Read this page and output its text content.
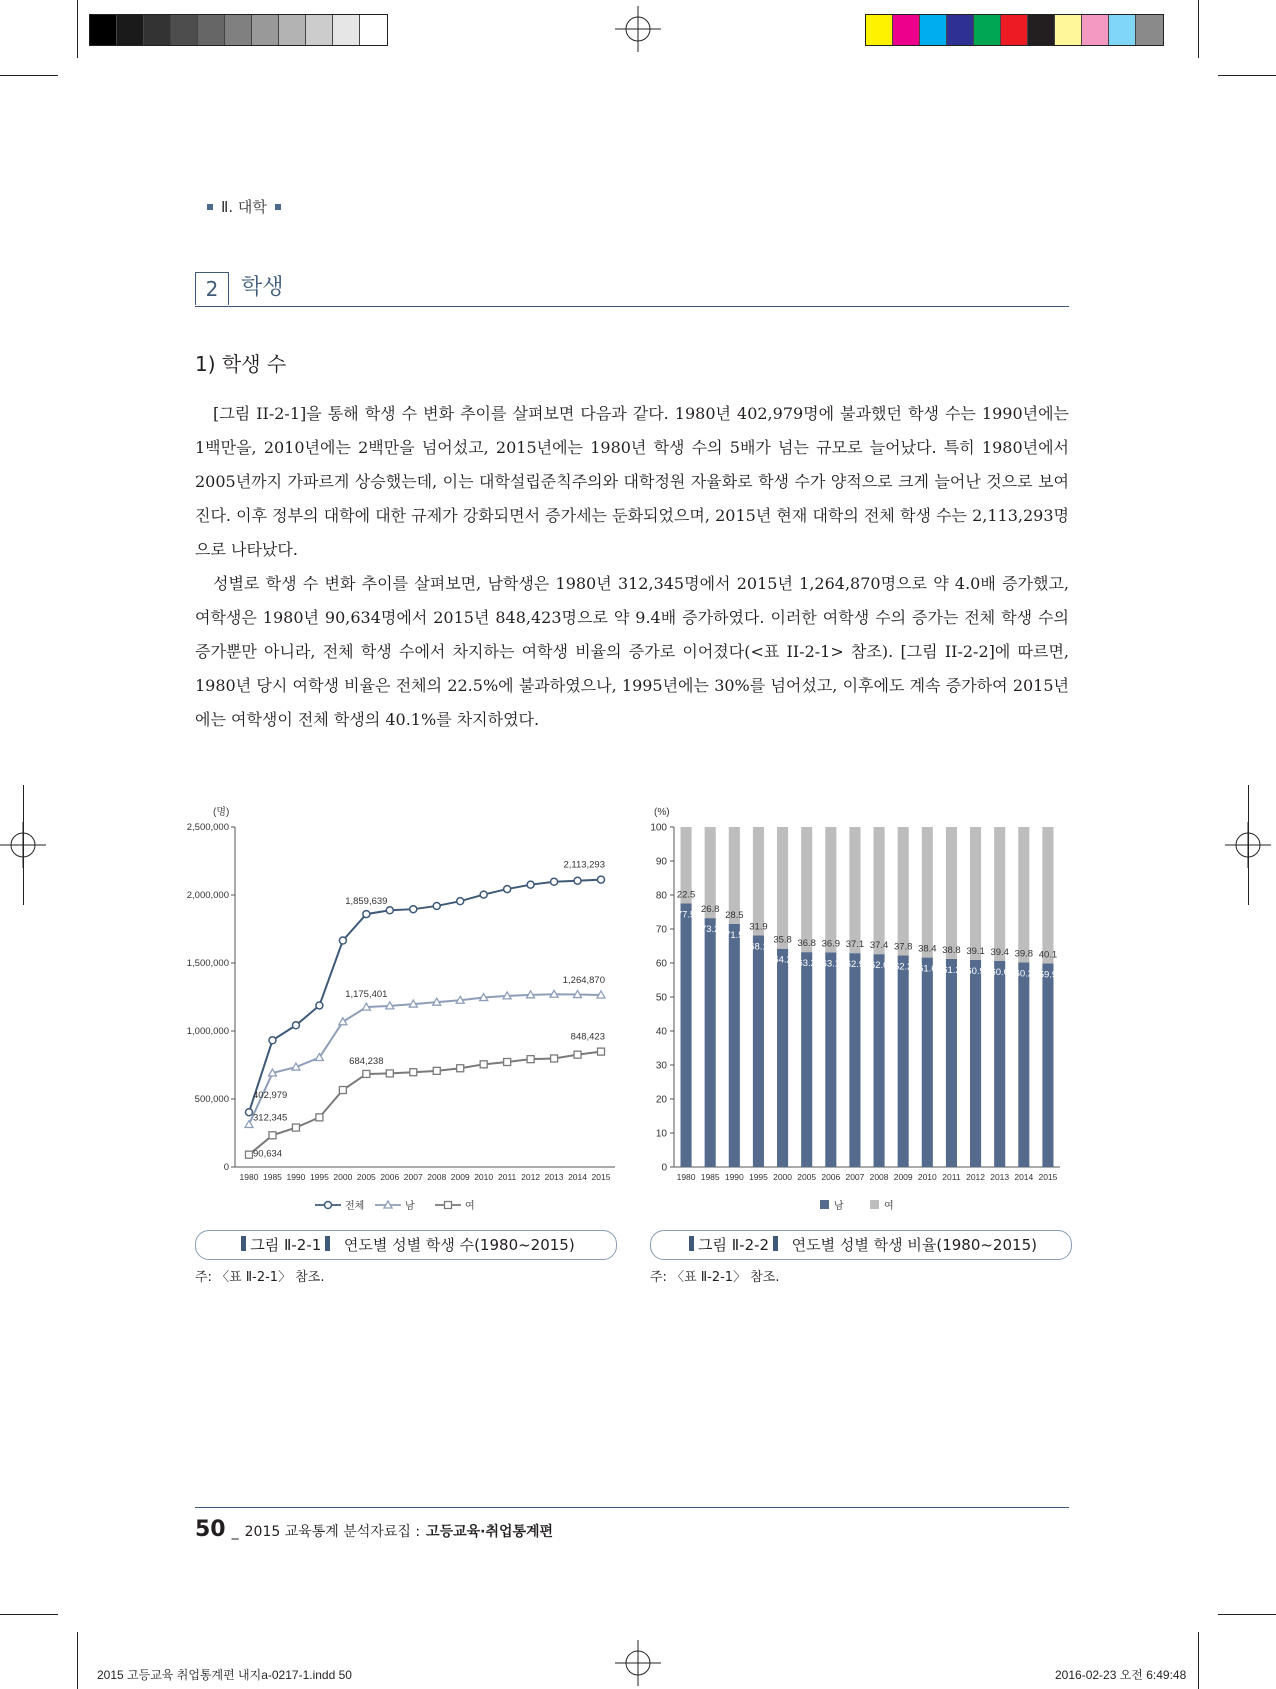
Ⅱ. 대학
2	학생
1) 학생 수

[그림 II-2-1]을 통해 학생 수 변화 추이를 살펴보면 다음과 같다. 1980년 402,979명에 불과했던 학생 수는 1990년에는 1백만을, 2010년에는 2백만을 넘어섰고, 2015년에는 1980년 학생 수의 5배가 넘는 규모로 늘어났다. 특히 1980년에서 2005년까지 가파르게 상승했는데, 이는 대학설립준칙주의와 대학정원 자율화로 학생 수가 양적으로 크게 늘어난 것으로 보여 진다. 이후 정부의 대학에 대한 규제가 강화되면서 증가세는 둔화되었으며, 2015년 현재 대학의 전체 학생 수는 2,113,293명으로 나타났다.

성별로 학생 수 변화 추이를 살펴보면, 남학생은 1980년 312,345명에서 2015년 1,264,870명으로 약 4.0배 증가했고, 여학생은 1980년 90,634명에서 2015년 848,423명으로 약 9.4배 증가하였다. 이러한 여학생 수의 증가는 전체 학생 수의 증가뿐만 아니라, 전체 학생 수에서 차지하는 여학생 비율의 증가로 이어졌다(<표 II-2-1> 참조). [그림 II-2-2]에 따르면, 1980년 당시 여학생 비율은 전체의 22.5%에 불과하였으나, 1995년에는 30%를 넘어섰고, 이후에도 계속 증가하여 2015년에는 여학생이 전체 학생의 40.1%를 차지하였다.

(명)
0
500,000
1,000,000
1,500,000
2,000,000
2,500,000
1980 1985 1990 1995 2000 2005 2006 2007 2008 2009 2010 2011 2012 2013 2014 2015
402,979
1,859,639
2,113,293
312,345
1,175,401
1,264,870
90,634
684,238
848,423
전체	남	여
(%)
0
10
20
30
40
50
60
70
80
90
100
77.5
22.5
1980
73.2
26.8
1985
71.5
28.5
1990
68.1
31.9
1995
64.2
35.8
2000
63.2
36.8
2005
63.1
36.9
2006
62.9
37.1
2007
62.6
37.4
2008
62.2
37.8
2009
61.6
38.4
2010
61.2
38.8
2011
60.9
39.1
2012
60.6
39.4
2013
60.2
39.8
2014
59.9
40.1
2015
남	여
그림 Ⅱ-2-1 연도별 성별 학생 수(1980~2015)
주: 〈표 Ⅱ-2-1〉 참조.
그림 Ⅱ-2-2 연도별 성별 학생 비율(1980~2015)
주: 〈표 Ⅱ-2-1〉 참조.
50 _ 2015 교육통계 분석자료집 : 고등교육·취업통계편
2015 고등교육 취업통계편 내지a-0217-1.indd 50	2016-02-23 오전 6:49:48
